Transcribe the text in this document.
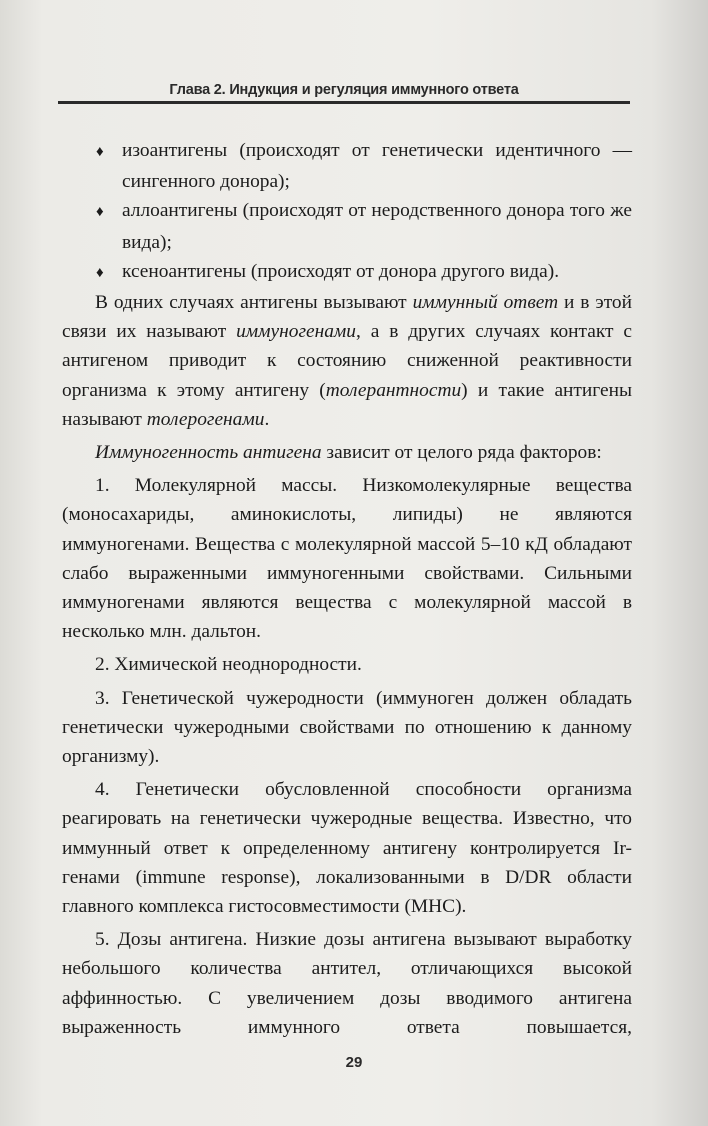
Глава 2. Индукция и регуляция иммунного ответа

♦ изоантигены (происходят от генетически идентичного — сингенного донора);

♦ аллоантигены (происходят от неродственного донора того же вида);

♦ ксеноантигены (происходят от донора другого вида).

В одних случаях антигены вызывают иммунный ответ и в этой связи их называют иммуногенами, а в других случаях контакт с антигеном приводит к состоянию сниженной реактивности организма к этому антигену (толерантности) и такие антигены называют толерогенами.

Иммуногенность антигена зависит от целого ряда факторов:

1. Молекулярной массы. Низкомолекулярные вещества (моносахариды, аминокислоты, липиды) не являются иммуногенами. Вещества с молекулярной массой 5–10 кД обладают слабо выраженными иммуногенными свойствами. Сильными иммуногенами являются вещества с молекулярной массой в несколько млн. дальтон.

2. Химической неоднородности.

3. Генетической чужеродности (иммуноген должен обладать генетически чужеродными свойствами по отношению к данному организму).

4. Генетически обусловленной способности организма реагировать на генетически чужеродные вещества. Известно, что иммунный ответ к определенному антигену контролируется Ir-генами (immune response), локализованными в D/DR области главного комплекса гистосовместимости (MHC).

5. Дозы антигена. Низкие дозы антигена вызывают выработку небольшого количества антител, отличающихся высокой аффинностью. С увеличением дозы вводимого антигена выраженность иммунного ответа повышается,

29
